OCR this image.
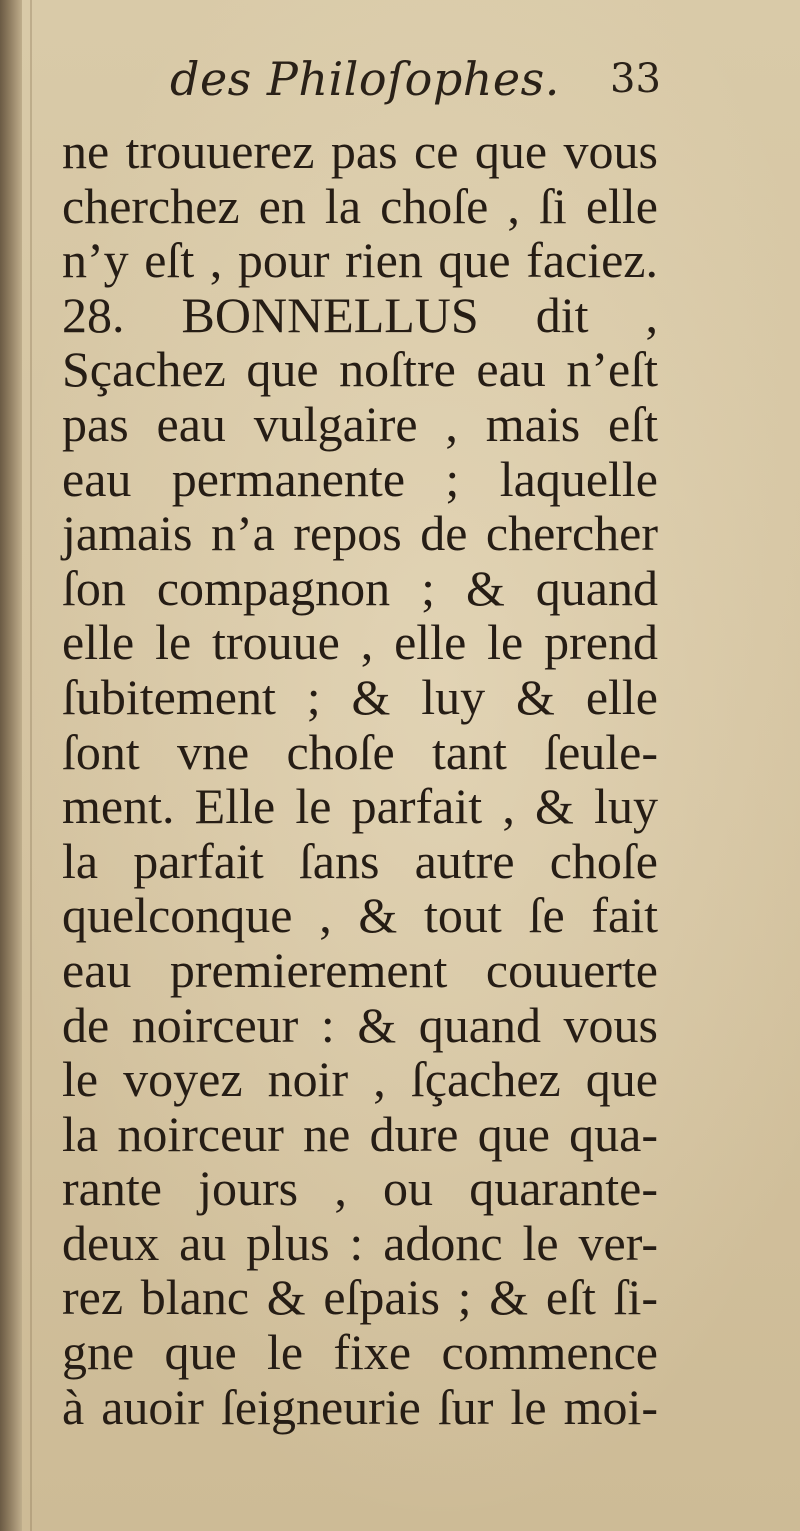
des Philoſophes. 33
ne trouuerez pas ce que vous
cherchez en la choſe , ſi elle
n’y eſt , pour rien que faciez.
28. BONNELLUS dit ,
Sçachez que noſtre eau n’eſt
pas eau vulgaire , mais eſt
eau permanente ; laquelle
jamais n’a repos de chercher
ſon compagnon ; & quand
elle le trouue , elle le prend
ſubitement ; & luy & elle
ſont vne choſe tant ſeule-
ment. Elle le parfait , & luy
la parfait ſans autre choſe
quelconque , & tout ſe fait
eau premierement couuerte
de noirceur : & quand vous
le voyez noir , ſçachez que
la noirceur ne dure que qua-
rante jours , ou quarante-
deux au plus : adonc le ver-
rez blanc & eſpais ; & eſt ſi-
gne que le fixe commence
à auoir ſeigneurie ſur le moi-
